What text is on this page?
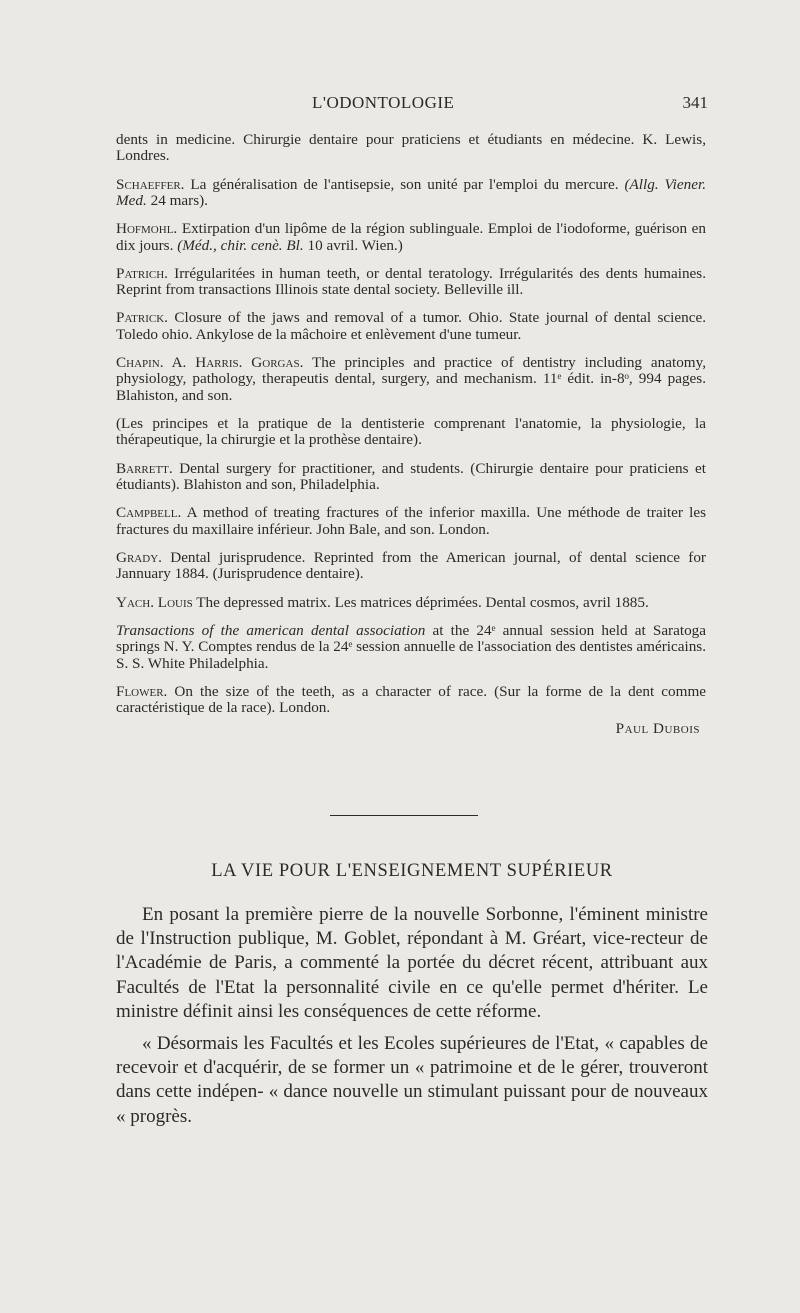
L'ODONTOLOGIE	341

dents in medicine. Chirurgie dentaire pour praticiens et étudiants en médecine. K. Lewis, Londres.

Schaeffer. La généralisation de l'antisepsie, son unité par l'emploi du mercure. (Allg. Viener. Med. 24 mars).

Hofmohl. Extirpation d'un lipôme de la région sublinguale. Emploi de l'iodoforme, guérison en dix jours. (Méd., chir. cenè. Bl. 10 avril. Wien.)

Patrich. Irrégularitées in human teeth, or dental teratology. Irrégularités des dents humaines. Reprint from transactions Illinois state dental society. Belleville ill.

Patrick. Closure of the jaws and removal of a tumor. Ohio. State journal of dental science. Toledo ohio. Ankylose de la mâchoire et enlèvement d'une tumeur.

Chapin. A. Harris. Gorgas. The principles and practice of dentistry including anatomy, physiology, pathology, therapeutis dental, surgery, and mechanism. 11ᵉ édit. in-8ᵒ, 994 pages. Blahiston, and son.

(Les principes et la pratique de la dentisterie comprenant l'anatomie, la physiologie, la thérapeutique, la chirurgie et la prothèse dentaire).

Barrett. Dental surgery for practitioner, and students. (Chirurgie dentaire pour praticiens et étudiants). Blahiston and son, Philadelphia.

Campbell. A method of treating fractures of the inferior maxilla. Une méthode de traiter les fractures du maxillaire inférieur. John Bale, and son. London.

Grady. Dental jurisprudence. Reprinted from the American journal, of dental science for Jannuary 1884. (Jurisprudence dentaire).

Yach. Louis The depressed matrix. Les matrices déprimées. Dental cosmos, avril 1885.

Transactions of the american dental association at the 24ᵉ annual session held at Saratoga springs N. Y. Comptes rendus de la 24ᵉ session annuelle de l'association des dentistes américains. S. S. White Philadelphia.

Flower. On the size of the teeth, as a character of race. (Sur la forme de la dent comme caractéristique de la race). London.

Paul Dubois
LA VIE POUR L'ENSEIGNEMENT SUPÉRIEUR

En posant la première pierre de la nouvelle Sorbonne, l'éminent ministre de l'Instruction publique, M. Goblet, répondant à M. Gréart, vice-recteur de l'Académie de Paris, a commenté la portée du décret récent, attribuant aux Facultés de l'Etat la personnalité civile en ce qu'elle permet d'hériter. Le ministre définit ainsi les conséquences de cette réforme.

« Désormais les Facultés et les Ecoles supérieures de l'Etat, « capables de recevoir et d'acquérir, de se former un « patrimoine et de le gérer, trouveront dans cette indépen- « dance nouvelle un stimulant puissant pour de nouveaux « progrès.
